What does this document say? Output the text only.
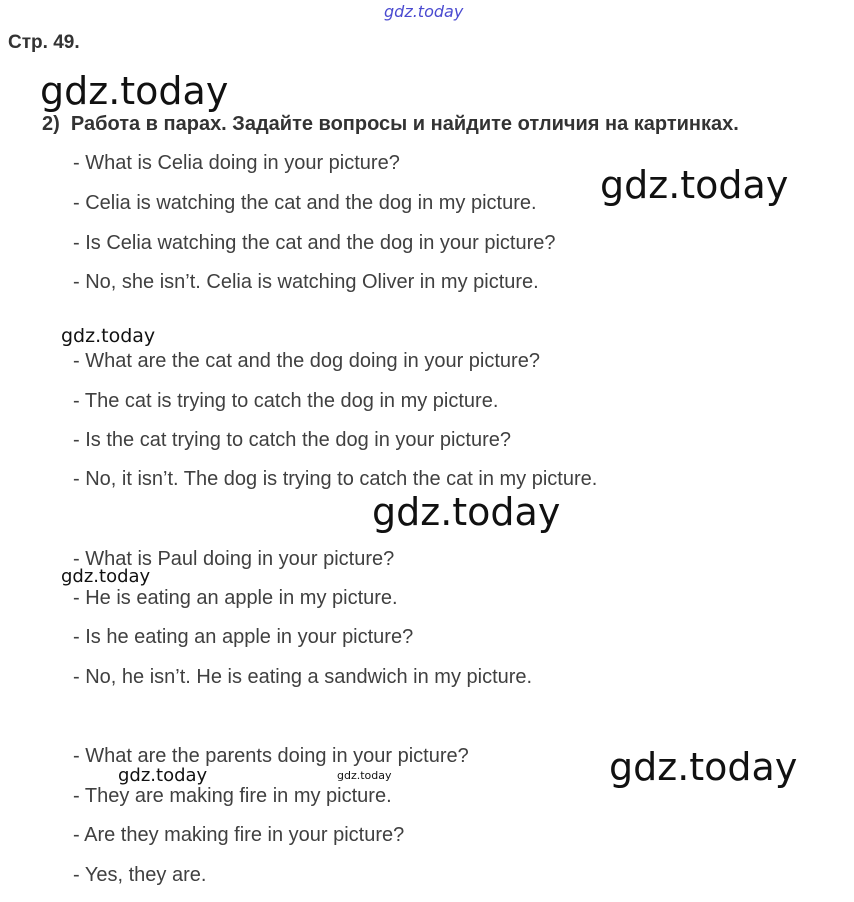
gdz.today
gdz.today
Стр. 49.
2) Работа в парах. Задайте вопросы и найдите отличия на картинках.
- What is Celia doing in your picture?
- Celia is watching the cat and the dog in my picture.
- Is Celia watching the cat and the dog in your picture?
- No, she isn’t. Celia is watching Oliver in my picture.
- What are the cat and the dog doing in your picture?
- The cat is trying to catch the dog in my picture.
- Is the cat trying to catch the dog in your picture?
- No, it isn’t. The dog is trying to catch the cat in my picture.
- What is Paul doing in your picture?
- He is eating an apple in my picture.
- Is he eating an apple in your picture?
- No, he isn’t. He is eating a sandwich in my picture.
- What are the parents doing in your picture?
- They are making fire in my picture.
- Are they making fire in your picture?
- Yes, they are.
gdz.today
gdz.today
gdz.today
gdz.today
gdz.today	gdz.today	gdz.today
